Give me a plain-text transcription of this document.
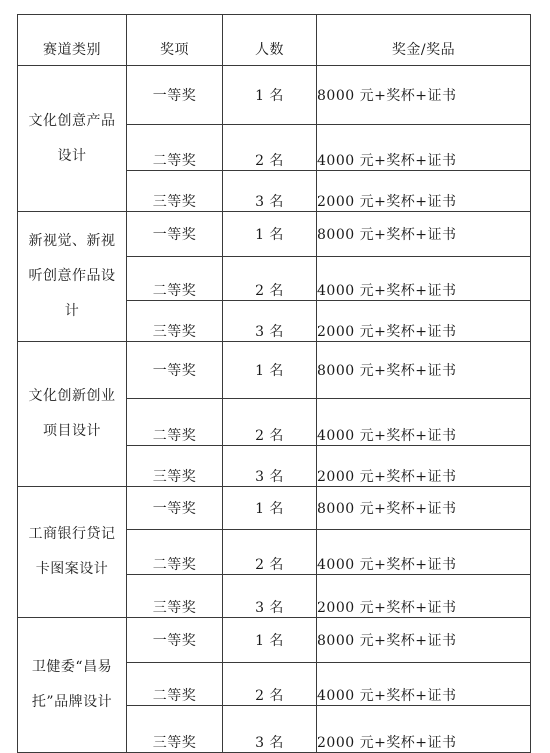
赛道类别	奖项	人数	奖金/奖品

文化创意产品
设计	一等奖	1 名	8000 元+奖杯+证书
	二等奖	2 名	4000 元+奖杯+证书
	三等奖	3 名	2000 元+奖杯+证书

新视觉、新视
听创意作品设
计	一等奖	1 名	8000 元+奖杯+证书
	二等奖	2 名	4000 元+奖杯+证书
	三等奖	3 名	2000 元+奖杯+证书

文化创新创业
项目设计	一等奖	1 名	8000 元+奖杯+证书
	二等奖	2 名	4000 元+奖杯+证书
	三等奖	3 名	2000 元+奖杯+证书

工商银行贷记
卡图案设计	一等奖	1 名	8000 元+奖杯+证书
	二等奖	2 名	4000 元+奖杯+证书
	三等奖	3 名	2000 元+奖杯+证书

卫健委“昌易
托”品牌设计	一等奖	1 名	8000 元+奖杯+证书
	二等奖	2 名	4000 元+奖杯+证书
	三等奖	3 名	2000 元+奖杯+证书
